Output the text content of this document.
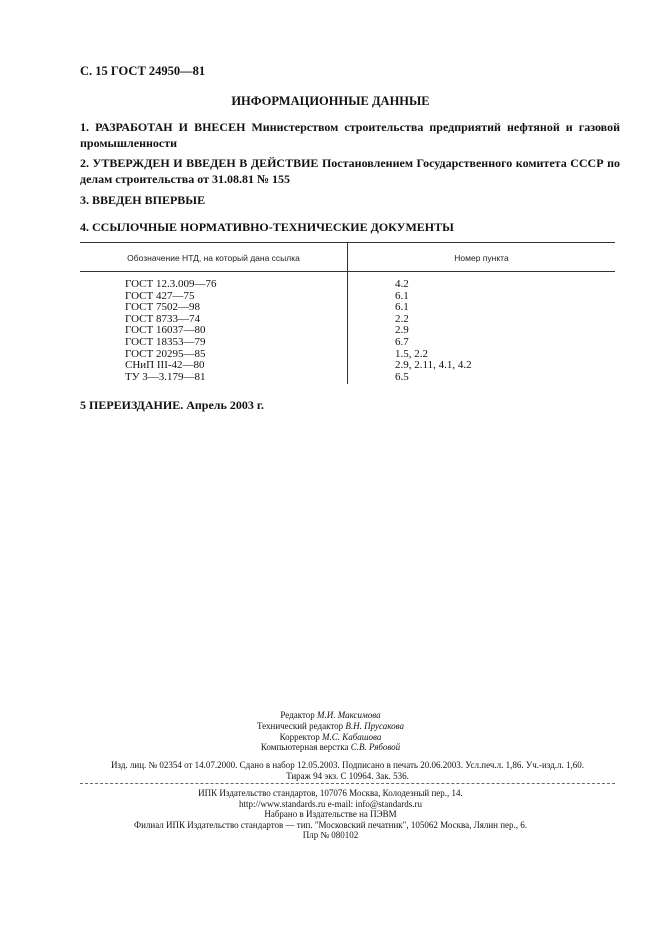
С. 15 ГОСТ 24950—81
ИНФОРМАЦИОННЫЕ ДАННЫЕ
1. РАЗРАБОТАН И ВНЕСЕН Министерством строительства предприятий нефтяной и газовой промышленности
2. УТВЕРЖДЕН И ВВЕДЕН В ДЕЙСТВИЕ Постановлением Государственного комитета СССР по делам строительства от 31.08.81 № 155
3. ВВЕДЕН ВПЕРВЫЕ
4. ССЫЛОЧНЫЕ НОРМАТИВНО-ТЕХНИЧЕСКИЕ ДОКУМЕНТЫ
Обозначение НТД, на который дана ссылка	Номер пункта
ГОСТ 12.3.009—76
ГОСТ 427—75
ГОСТ 7502—98
ГОСТ 8733—74
ГОСТ 16037—80
ГОСТ 18353—79
ГОСТ 20295—85
СНиП III-42—80
ТУ 3—3.179—81
4.2
6.1
6.1
2.2
2.9
6.7
1.5, 2.2
2.9, 2.11, 4.1, 4.2
6.5
5 ПЕРЕИЗДАНИЕ. Апрель 2003 г.
Редактор М.И. Максимова
Технический редактор В.Н. Прусакова
Корректор М.С. Кабашова
Компьютерная верстка С.В. Рябовой
Изд. лиц. № 02354 от 14.07.2000. Сдано в набор 12.05.2003. Подписано в печать 20.06.2003. Усл.печ.л. 1,86. Уч.-изд.л. 1,60.
Тираж 94 экз. С 10964. Зак. 536.
ИПК Издательство стандартов, 107076 Москва, Колодезный пер., 14.
http://www.standards.ru e-mail: info@standards.ru
Набрано в Издательстве на ПЭВМ
Филиал ИПК Издательство стандартов — тип. "Московский печатник", 105062 Москва, Лялин пер., 6.
Плр № 080102
